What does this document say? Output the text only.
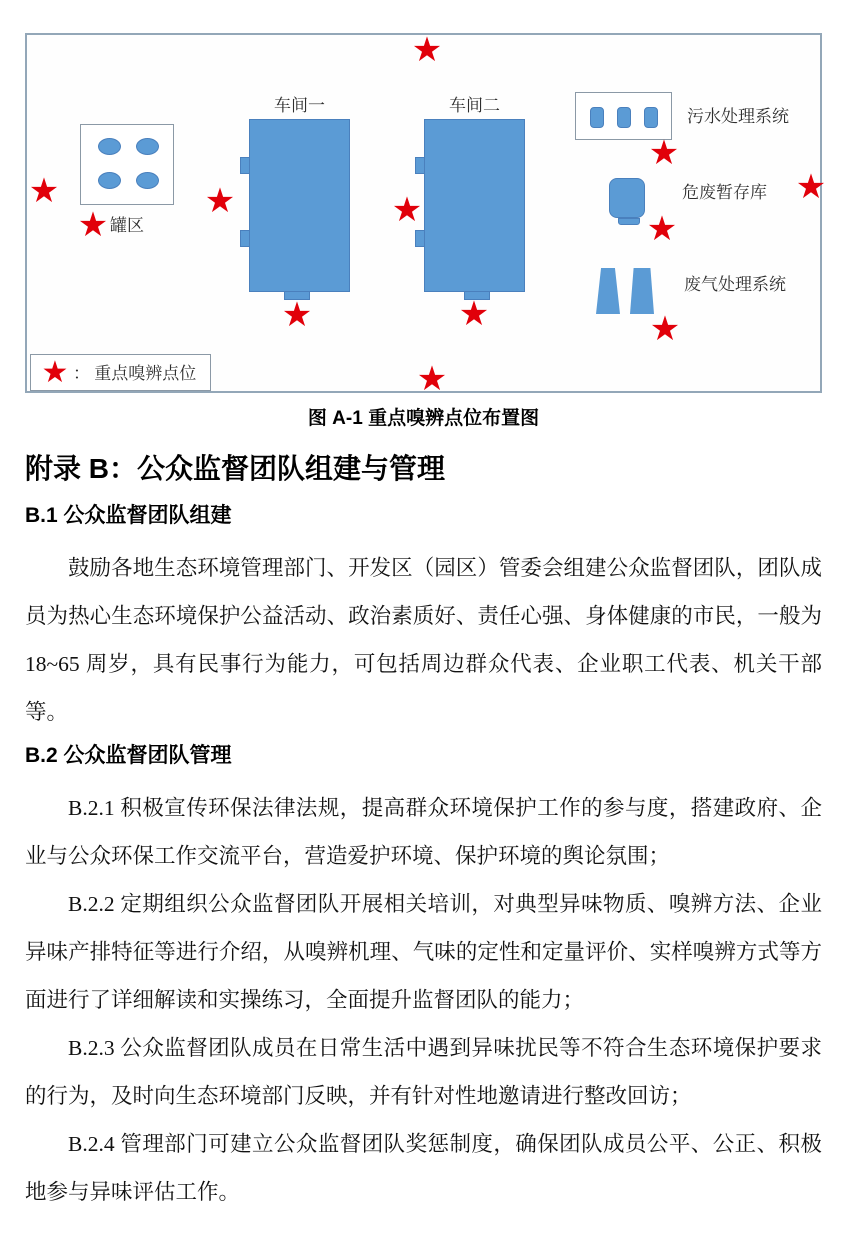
★ 罐区
车间一	车间二
污水处理系统
危废暂存库
废气处理系统
★	★
★
★
★
★
★
★
★
★
★
★ ： 重点嗅辨点位
图 A-1 重点嗅辨点位布置图
附录 B：公众监督团队组建与管理
B.1 公众监督团队组建

鼓励各地生态环境管理部门、开发区（园区）管委会组建公众监督团队，团队成员为热心生态环境保护公益活动、政治素质好、责任心强、身体健康的市民，一般为 18~65 周岁，具有民事行为能力，可包括周边群众代表、企业职工代表、机关干部等。

B.2 公众监督团队管理

B.2.1 积极宣传环保法律法规，提高群众环境保护工作的参与度，搭建政府、企业与公众环保工作交流平台，营造爱护环境、保护环境的舆论氛围；

B.2.2 定期组织公众监督团队开展相关培训，对典型异味物质、嗅辨方法、企业异味产排特征等进行介绍，从嗅辨机理、气味的定性和定量评价、实样嗅辨方式等方面进行了详细解读和实操练习，全面提升监督团队的能力；

B.2.3 公众监督团队成员在日常生活中遇到异味扰民等不符合生态环境保护要求的行为，及时向生态环境部门反映，并有针对性地邀请进行整改回访；

B.2.4 管理部门可建立公众监督团队奖惩制度，确保团队成员公平、公正、积极地参与异味评估工作。
